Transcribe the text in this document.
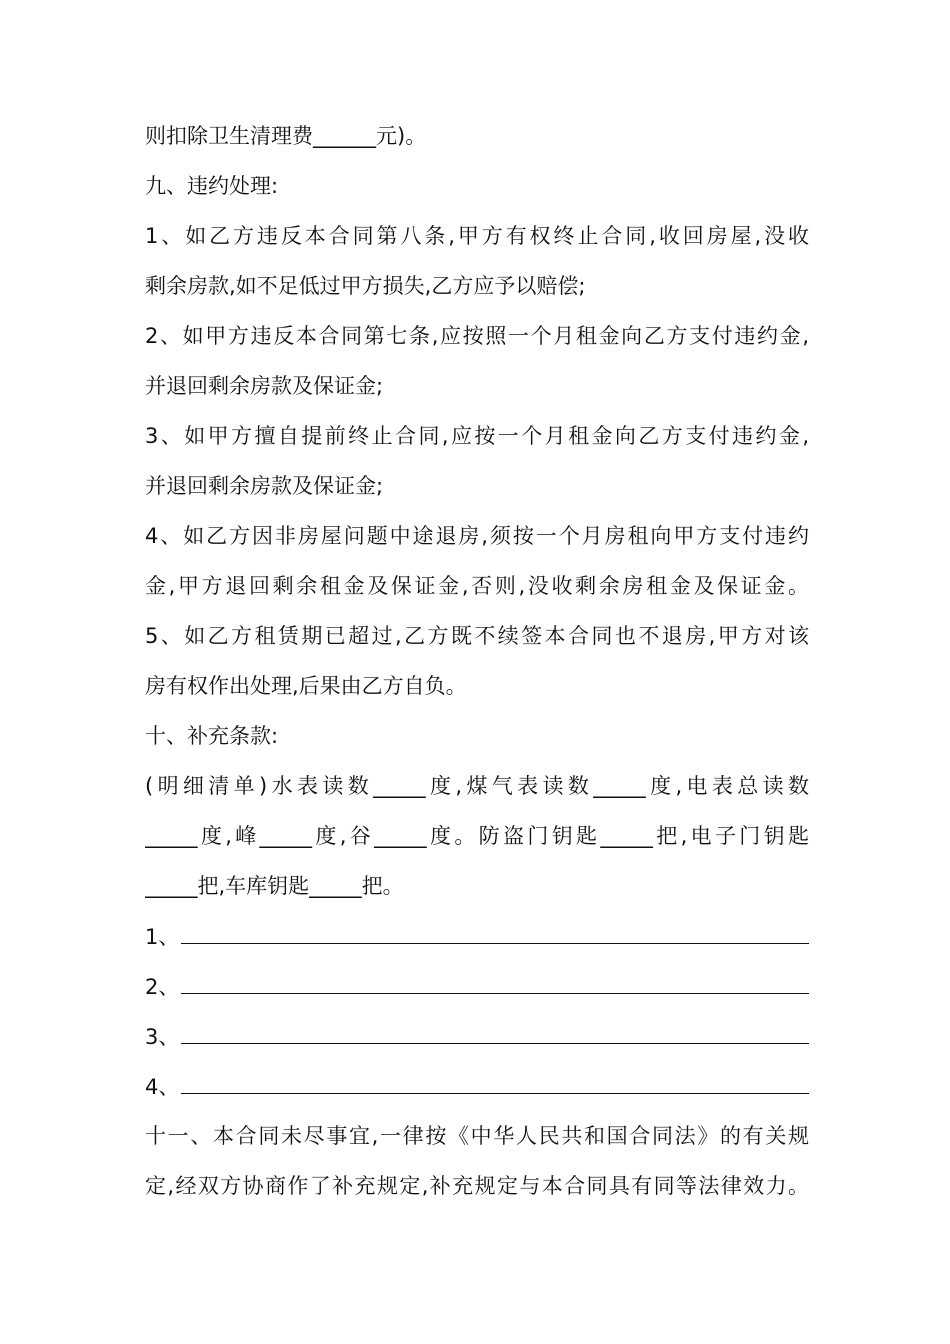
则扣除卫生清理费______元)。
九、违约处理:
1、如乙方违反本合同第八条,甲方有权终止合同,收回房屋,没收
剩余房款,如不足低过甲方损失,乙方应予以赔偿;
2、如甲方违反本合同第七条,应按照一个月租金向乙方支付违约金,
并退回剩余房款及保证金;
3、如甲方擅自提前终止合同,应按一个月租金向乙方支付违约金,
并退回剩余房款及保证金;
4、如乙方因非房屋问题中途退房,须按一个月房租向甲方支付违约
金,甲方退回剩余租金及保证金,否则,没收剩余房租金及保证金。
5、如乙方租赁期已超过,乙方既不续签本合同也不退房,甲方对该
房有权作出处理,后果由乙方自负。
十、补充条款:
(明细清单)水表读数_____度,煤气表读数_____度,电表总读数
_____度,峰_____度,谷_____度。防盗门钥匙_____把,电子门钥匙
_____把,车库钥匙_____把。
1、
2、
3、
4、
十一、本合同未尽事宜,一律按《中华人民共和国合同法》的有关规
定,经双方协商作了补充规定,补充规定与本合同具有同等法律效力。
